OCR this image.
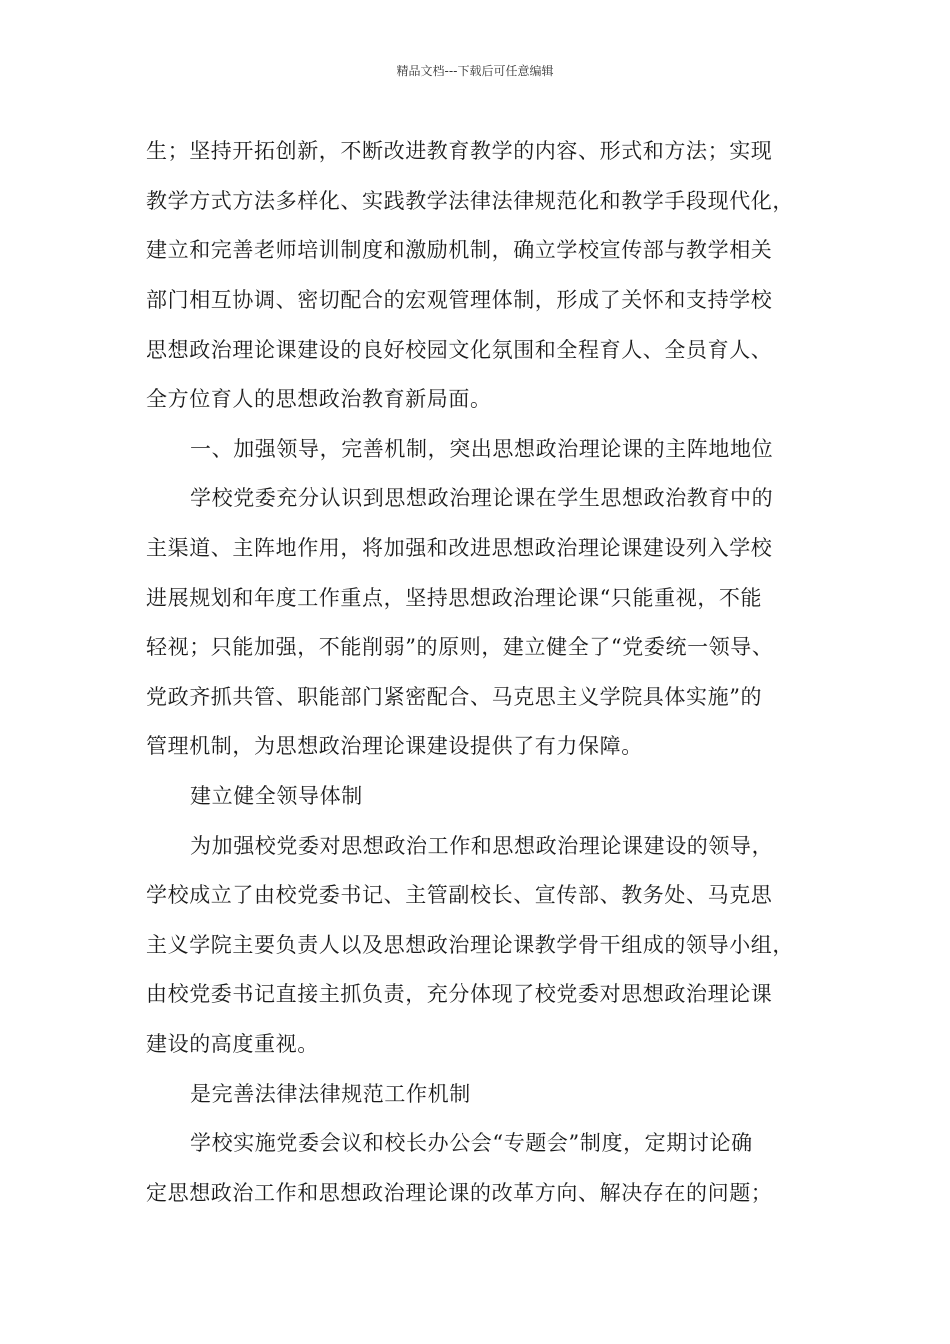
精品文档---下载后可任意编辑
生；坚持开拓创新，不断改进教育教学的内容、形式和方法；实现
教学方式方法多样化、实践教学法律法律规范化和教学手段现代化，
建立和完善老师培训制度和激励机制，确立学校宣传部与教学相关
部门相互协调、密切配合的宏观管理体制，形成了关怀和支持学校
思想政治理论课建设的良好校园文化氛围和全程育人、全员育人、
全方位育人的思想政治教育新局面。
一、加强领导，完善机制，突出思想政治理论课的主阵地地位
学校党委充分认识到思想政治理论课在学生思想政治教育中的
主渠道、主阵地作用，将加强和改进思想政治理论课建设列入学校
进展规划和年度工作重点，坚持思想政治理论课“只能重视，不能
轻视；只能加强，不能削弱”的原则，建立健全了“党委统一领导、
党政齐抓共管、职能部门紧密配合、马克思主义学院具体实施”的
管理机制，为思想政治理论课建设提供了有力保障。
建立健全领导体制
为加强校党委对思想政治工作和思想政治理论课建设的领导，
学校成立了由校党委书记、主管副校长、宣传部、教务处、马克思
主义学院主要负责人以及思想政治理论课教学骨干组成的领导小组，
由校党委书记直接主抓负责，充分体现了校党委对思想政治理论课
建设的高度重视。
是完善法律法律规范工作机制
学校实施党委会议和校长办公会“专题会”制度，定期讨论确
定思想政治工作和思想政治理论课的改革方向、解决存在的问题；
